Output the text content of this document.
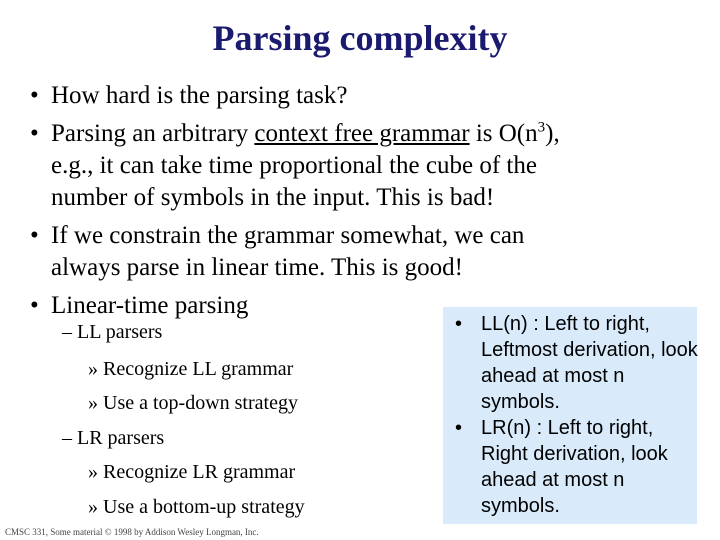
Parsing complexity
• How hard is the parsing task?
• Parsing an arbitrary context free grammar is $O(n^3)$,
e.g., it can take time proportional the cube of the
number of symbols in the input. This is bad!
• If we constrain the grammar somewhat, we can
always parse in linear time. This is good!
• Linear-time parsing
– LL parsers
» Recognize LL grammar
» Use a top-down strategy
– LR parsers
» Recognize LR grammar
» Use a bottom-up strategy
• LL(n) : Left to right, Leftmost derivation, look ahead at most n symbols.
• LR(n) : Left to right, Right derivation, look ahead at most n symbols.
CMSC 331, Some material © 1998 by Addison Wesley Longman, Inc.
